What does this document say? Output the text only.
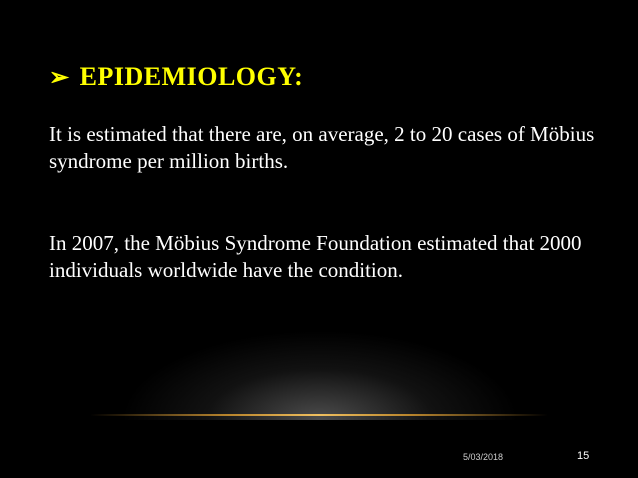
➢ EPIDEMIOLOGY:
It is estimated that there are, on average, 2 to 20 cases of Möbius syndrome per million births.
In 2007, the Möbius Syndrome Foundation estimated that 2000 individuals worldwide have the condition.
5/03/2018	15
